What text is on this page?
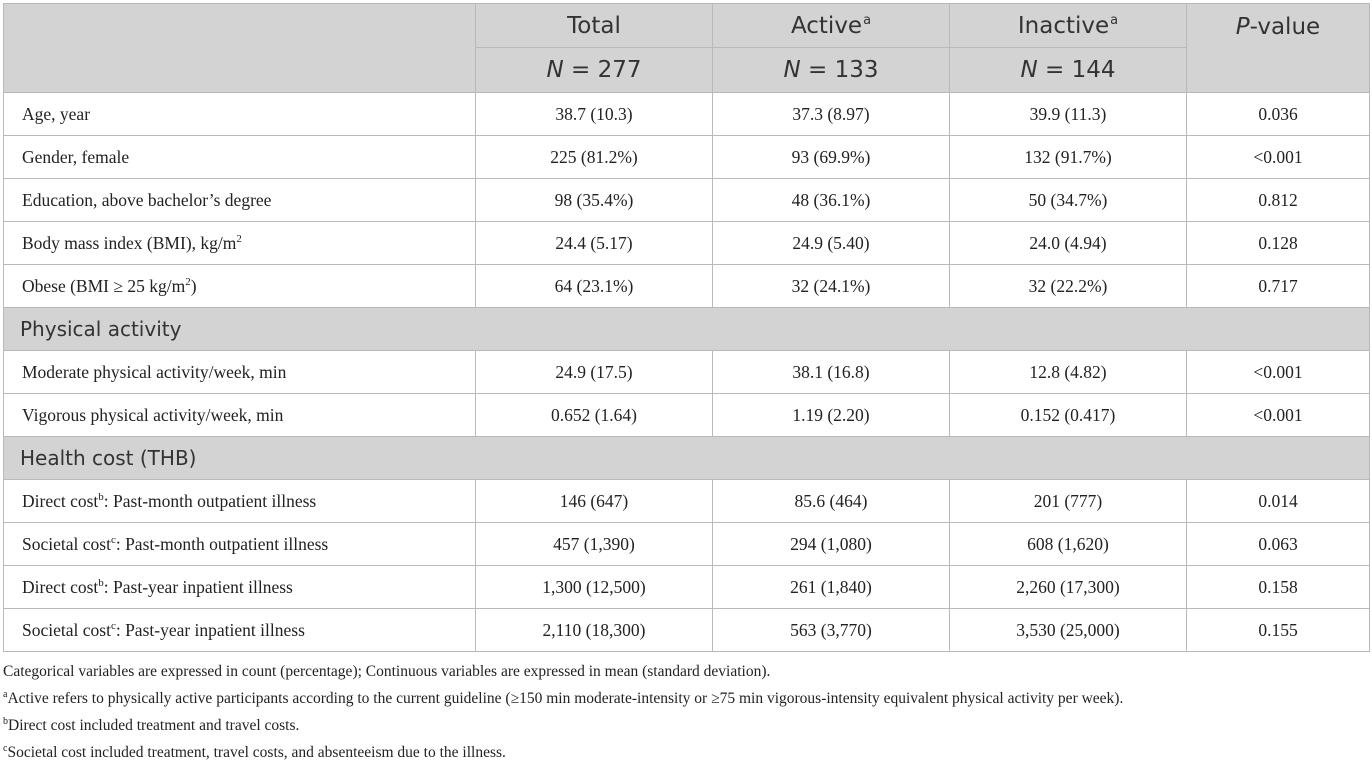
	Total	Active$^a$	Inactive$^a$	P-value
	N = 277	N = 133	N = 144	
Age, year	38.7 (10.3)	37.3 (8.97)	39.9 (11.3)	0.036
Gender, female	225 (81.2%)	93 (69.9%)	132 (91.7%)	<0.001
Education, above bachelor’s degree	98 (35.4%)	48 (36.1%)	50 (34.7%)	0.812
Body mass index (BMI), $kg/m^2$	24.4 (5.17)	24.9 (5.40)	24.0 (4.94)	0.128
Obese (BMI ≥ 25 $kg/m^2$)	64 (23.1%)	32 (24.1%)	32 (22.2%)	0.717
Physical activity				
Moderate physical activity/week, min	24.9 (17.5)	38.1 (16.8)	12.8 (4.82)	<0.001
Vigorous physical activity/week, min	0.652 (1.64)	1.19 (2.20)	0.152 (0.417)	<0.001
Health cost (THB)				
Direct cost$^b$: Past-month outpatient illness	146 (647)	85.6 (464)	201 (777)	0.014
Societal cost$^c$: Past-month outpatient illness	457 (1,390)	294 (1,080)	608 (1,620)	0.063
Direct cost$^b$: Past-year inpatient illness	1,300 (12,500)	261 (1,840)	2,260 (17,300)	0.158
Societal cost$^c$: Past-year inpatient illness	2,110 (18,300)	563 (3,770)	3,530 (25,000)	0.155
Categorical variables are expressed in count (percentage); Continuous variables are expressed in mean (standard deviation).
$^a$Active refers to physically active participants according to the current guideline (≥150 min moderate-intensity or ≥75 min vigorous-intensity equivalent physical activity per week).
$^b$Direct cost included treatment and travel costs.
$^c$Societal cost included treatment, travel costs, and absenteeism due to the illness.
